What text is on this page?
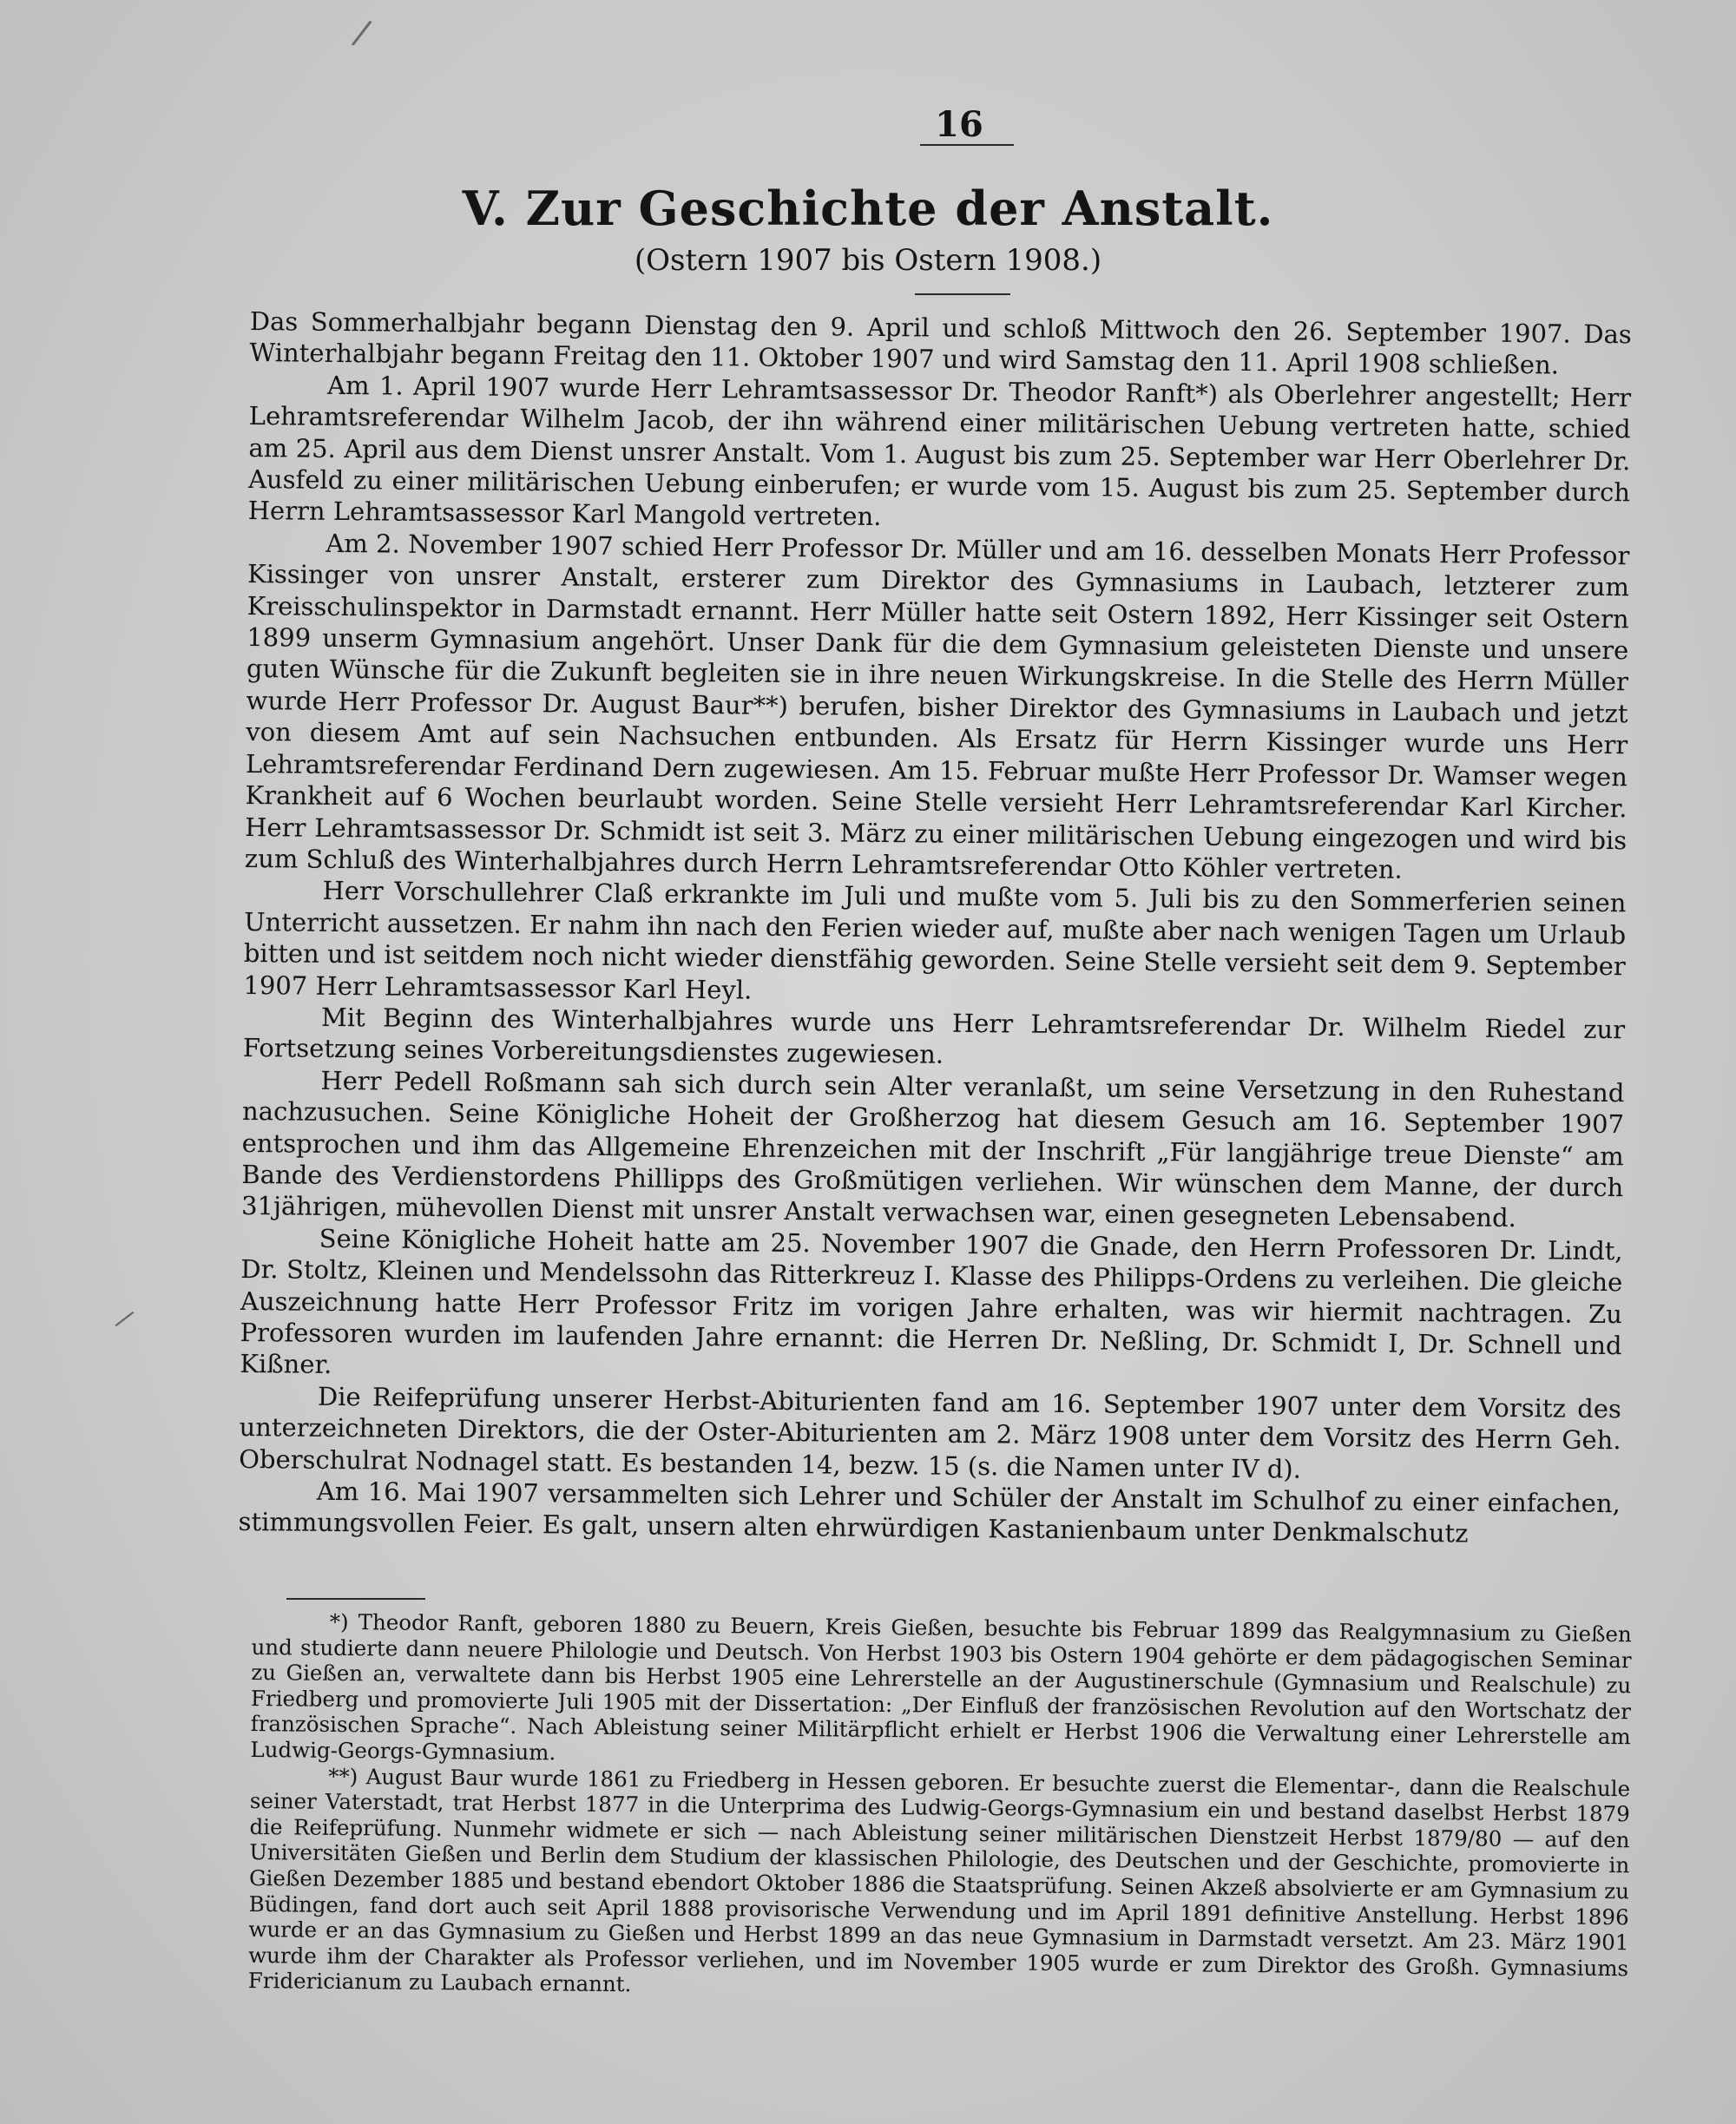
/
/
16
V. Zur Geschichte der Anstalt.
(Ostern 1907 bis Ostern 1908.)

Das Sommerhalbjahr begann Dienstag den 9. April und schloß Mittwoch den 26. September 1907. Das Winterhalbjahr begann Freitag den 11. Oktober 1907 und wird Samstag den 11. April 1908 schließen.

Am 1. April 1907 wurde Herr Lehramtsassessor Dr. Theodor Ranft*) als Oberlehrer angestellt; Herr Lehramtsreferendar Wilhelm Jacob, der ihn während einer militärischen Uebung vertreten hatte, schied am 25. April aus dem Dienst unsrer Anstalt. Vom 1. August bis zum 25. September war Herr Oberlehrer Dr. Ausfeld zu einer militärischen Uebung einberufen; er wurde vom 15. August bis zum 25. September durch Herrn Lehramtsassessor Karl Mangold vertreten.

Am 2. November 1907 schied Herr Professor Dr. Müller und am 16. desselben Monats Herr Professor Kissinger von unsrer Anstalt, ersterer zum Direktor des Gymnasiums in Laubach, letzterer zum Kreisschulinspektor in Darmstadt ernannt. Herr Müller hatte seit Ostern 1892, Herr Kissinger seit Ostern 1899 unserm Gymnasium angehört. Unser Dank für die dem Gymnasium geleisteten Dienste und unsere guten Wünsche für die Zukunft begleiten sie in ihre neuen Wirkungskreise. In die Stelle des Herrn Müller wurde Herr Professor Dr. August Baur**) berufen, bisher Direktor des Gymnasiums in Laubach und jetzt von diesem Amt auf sein Nachsuchen entbunden. Als Ersatz für Herrn Kissinger wurde uns Herr Lehramtsreferendar Ferdinand Dern zugewiesen. Am 15. Februar mußte Herr Professor Dr. Wamser wegen Krankheit auf 6 Wochen beurlaubt worden. Seine Stelle versieht Herr Lehramtsreferendar Karl Kircher. Herr Lehramtsassessor Dr. Schmidt ist seit 3. März zu einer militärischen Uebung eingezogen und wird bis zum Schluß des Winterhalbjahres durch Herrn Lehramtsreferendar Otto Köhler vertreten.

Herr Vorschullehrer Claß erkrankte im Juli und mußte vom 5. Juli bis zu den Sommerferien seinen Unterricht aussetzen. Er nahm ihn nach den Ferien wieder auf, mußte aber nach wenigen Tagen um Urlaub bitten und ist seitdem noch nicht wieder dienstfähig geworden. Seine Stelle versieht seit dem 9. September 1907 Herr Lehramtsassessor Karl Heyl.

Mit Beginn des Winterhalbjahres wurde uns Herr Lehramtsreferendar Dr. Wilhelm Riedel zur Fortsetzung seines Vorbereitungsdienstes zugewiesen.

Herr Pedell Roßmann sah sich durch sein Alter veranlaßt, um seine Versetzung in den Ruhestand nachzusuchen. Seine Königliche Hoheit der Großherzog hat diesem Gesuch am 16. September 1907 entsprochen und ihm das Allgemeine Ehrenzeichen mit der Inschrift „Für langjährige treue Dienste“ am Bande des Verdienstordens Phillipps des Großmütigen verliehen. Wir wünschen dem Manne, der durch 31jährigen, mühevollen Dienst mit unsrer Anstalt verwachsen war, einen gesegneten Lebensabend.

Seine Königliche Hoheit hatte am 25. November 1907 die Gnade, den Herrn Professoren Dr. Lindt, Dr. Stoltz, Kleinen und Mendelssohn das Ritterkreuz I. Klasse des Philipps-Ordens zu verleihen. Die gleiche Auszeichnung hatte Herr Professor Fritz im vorigen Jahre erhalten, was wir hiermit nachtragen. Zu Professoren wurden im laufenden Jahre ernannt: die Herren Dr. Neßling, Dr. Schmidt I, Dr. Schnell und Kißner.

Die Reifeprüfung unserer Herbst-Abiturienten fand am 16. September 1907 unter dem Vorsitz des unterzeichneten Direktors, die der Oster-Abiturienten am 2. März 1908 unter dem Vorsitz des Herrn Geh. Oberschulrat Nodnagel statt. Es bestanden 14, bezw. 15 (s. die Namen unter IV d).

Am 16. Mai 1907 versammelten sich Lehrer und Schüler der Anstalt im Schulhof zu einer einfachen, stimmungsvollen Feier. Es galt, unsern alten ehrwürdigen Kastanienbaum unter Denkmalschutz

*) Theodor Ranft, geboren 1880 zu Beuern, Kreis Gießen, besuchte bis Februar 1899 das Realgymnasium zu Gießen und studierte dann neuere Philologie und Deutsch. Von Herbst 1903 bis Ostern 1904 gehörte er dem pädagogischen Seminar zu Gießen an, verwaltete dann bis Herbst 1905 eine Lehrerstelle an der Augustinerschule (Gymnasium und Realschule) zu Friedberg und promovierte Juli 1905 mit der Dissertation: „Der Einfluß der französischen Revolution auf den Wortschatz der französischen Sprache“. Nach Ableistung seiner Militärpflicht erhielt er Herbst 1906 die Verwaltung einer Lehrerstelle am Ludwig-Georgs-Gymnasium.

**) August Baur wurde 1861 zu Friedberg in Hessen geboren. Er besuchte zuerst die Elementar-, dann die Realschule seiner Vaterstadt, trat Herbst 1877 in die Unterprima des Ludwig-Georgs-Gymnasium ein und bestand daselbst Herbst 1879 die Reifeprüfung. Nunmehr widmete er sich — nach Ableistung seiner militärischen Dienstzeit Herbst 1879/80 — auf den Universitäten Gießen und Berlin dem Studium der klassischen Philologie, des Deutschen und der Geschichte, promovierte in Gießen Dezember 1885 und bestand ebendort Oktober 1886 die Staatsprüfung. Seinen Akzeß absolvierte er am Gymnasium zu Büdingen, fand dort auch seit April 1888 provisorische Verwendung und im April 1891 definitive Anstellung. Herbst 1896 wurde er an das Gymnasium zu Gießen und Herbst 1899 an das neue Gymnasium in Darmstadt versetzt. Am 23. März 1901 wurde ihm der Charakter als Professor verliehen, und im November 1905 wurde er zum Direktor des Großh. Gymnasiums Fridericianum zu Laubach ernannt.
